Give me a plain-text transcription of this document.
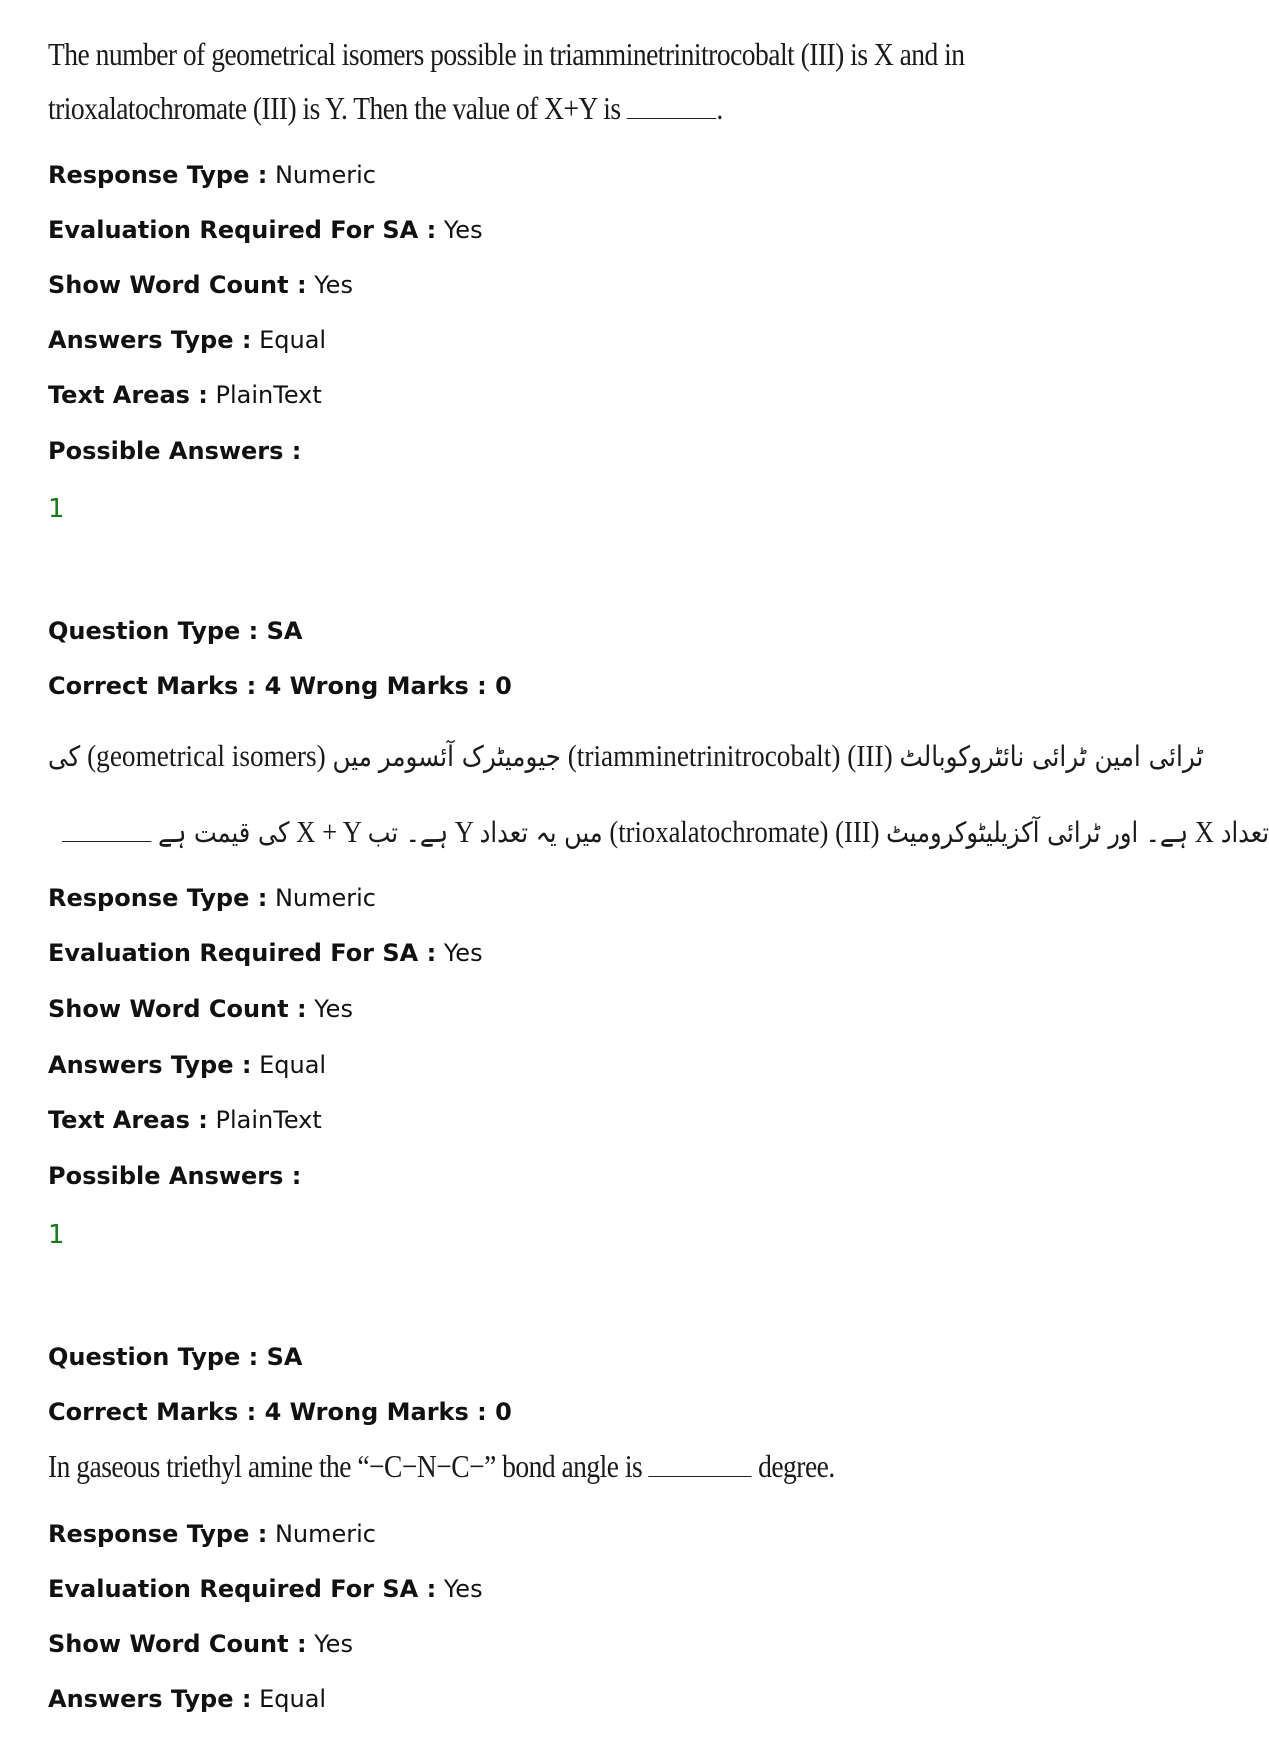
The number of geometrical isomers possible in triamminetrinitrocobalt (III) is X and in
trioxalatochromate (III) is Y. Then the value of X+Y is	.
Response Type : Numeric
Evaluation Required For SA : Yes
Show Word Count : Yes
Answers Type : Equal
Text Areas : PlainText
Possible Answers :
1
Question Type : SA
Correct Marks : 4 Wrong Marks : 0
کی (geometrical isomers) جیومیٹرک آئسومر میں	(triamminetrinitrocobalt) (III) ٹرائی امین ٹرائی نائٹروکوبالٹ
کی قیمت ہے X + Y ہے۔ تب Y میں یہ تعداد (trioxalatochromate) (III) ہے۔ اور ٹرائی آکزیلیٹوکرومیٹ X تعداد
Response Type : Numeric
Evaluation Required For SA : Yes
Show Word Count : Yes
Answers Type : Equal
Text Areas : PlainText
Possible Answers :
1
Question Type : SA
Correct Marks : 4 Wrong Marks : 0
In gaseous triethyl amine the “−C−N−C−” bond angle is	degree.
Response Type : Numeric
Evaluation Required For SA : Yes
Show Word Count : Yes
Answers Type : Equal
